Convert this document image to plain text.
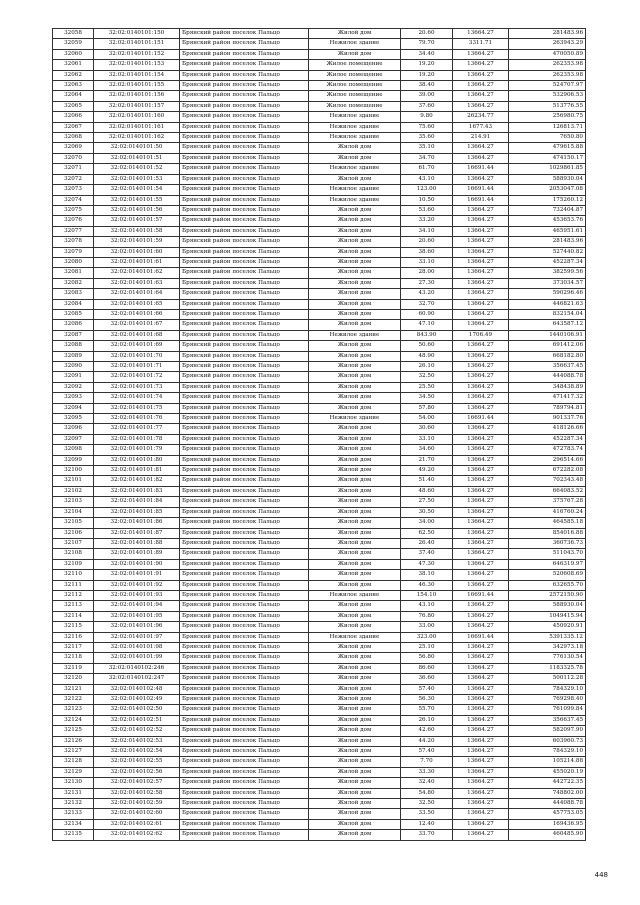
32058	32:02:0140101:150	Брянский район поселок Пальцо	Жилой дом	20.60	13664.27	281483.96
32059	32:02:0140101:151	Брянский район поселок Пальцо	Нежилое здание	79.70	3311.71	263943.29
32060	32:02:0140101:152	Брянский район поселок Пальцо	Жилой дом	34.40	13664.27	470050.89
32061	32:02:0140101:153	Брянский район поселок Пальцо	Жилое помещение	19.20	13664.27	262353.98
32062	32:02:0140101:154	Брянский район поселок Пальцо	Жилое помещение	19.20	13664.27	262353.98
32063	32:02:0140101:155	Брянский район поселок Пальцо	Жилое помещение	38.40	13664.27	524707.97
32064	32:02:0140101:156	Брянский район поселок Пальцо	Жилое помещение	39.00	13664.27	532906.53
32065	32:02:0140101:157	Брянский район поселок Пальцо	Жилое помещение	37.60	13664.27	513776.55
32066	32:02:0140101:160	Брянский район поселок Пальцо	Нежилое здание	9.80	26234.77	256980.75
32067	32:02:0140101:161	Брянский район поселок Пальцо	Нежилое здание	75.60	1677.43	126813.71
32068	32:02:0140101:162	Брянский район поселок Пальцо	Нежилое здание	35.60	214.91	7650.80
32069	32:02:0140101:50	Брянский район поселок Пальцо	Жилой дом	35.10	13664.27	479615.88
32070	32:02:0140101:51	Брянский район поселок Пальцо	Жилой дом	34.70	13664.27	474150.17
32071	32:02:0140101:52	Брянский район поселок Пальцо	Нежилое здание	61.70	16691.44	1029861.85
32072	32:02:0140101:53	Брянский район поселок Пальцо	Жилой дом	43.10	13664.27	588930.04
32073	32:02:0140101:54	Брянский район поселок Пальцо	Нежилое здание	123.00	16691.44	2053047.08
32074	32:02:0140101:55	Брянский район поселок Пальцо	Нежилое здание	10.50	16691.44	175260.12
32075	32:02:0140101:56	Брянский район поселок Пальцо	Жилой дом	53.60	13664.27	732404.87
32076	32:02:0140101:57	Брянский район поселок Пальцо	Жилой дом	33.20	13664.27	453653.76
32077	32:02:0140101:58	Брянский район поселок Пальцо	Жилой дом	34.10	13664.27	465951.61
32078	32:02:0140101:59	Брянский район поселок Пальцо	Жилой дом	20.60	13664.27	281483.96
32079	32:02:0140101:60	Брянский район поселок Пальцо	Жилой дом	38.60	13664.27	527440.82
32080	32:02:0140101:61	Брянский район поселок Пальцо	Жилой дом	33.10	13664.27	452287.34
32081	32:02:0140101:62	Брянский район поселок Пальцо	Жилой дом	28.00	13664.27	382599.56
32082	32:02:0140101:63	Брянский район поселок Пальцо	Жилой дом	27.30	13664.27	373034.57
32083	32:02:0140101:64	Брянский район поселок Пальцо	Жилой дом	43.20	13664.27	590296.46
32084	32:02:0140101:65	Брянский район поселок Пальцо	Жилой дом	32.70	13664.27	446821.63
32085	32:02:0140101:66	Брянский район поселок Пальцо	Жилой дом	60.90	13664.27	832154.04
32086	32:02:0140101:67	Брянский район поселок Пальцо	Жилой дом	47.10	13664.27	643587.12
32087	32:02:0140101:68	Брянский район поселок Пальцо	Нежилое здание	843.90	1706.49	1440106.91
32088	32:02:0140101:69	Брянский район поселок Пальцо	Жилой дом	50.60	13664.27	691412.06
32089	32:02:0140101:70	Брянский район поселок Пальцо	Жилой дом	48.90	13664.27	668182.80
32090	32:02:0140101:71	Брянский район поселок Пальцо	Жилой дом	26.10	13664.27	356637.45
32091	32:02:0140101:72	Брянский район поселок Пальцо	Жилой дом	32.50	13664.27	444088.78
32092	32:02:0140101:73	Брянский район поселок Пальцо	Жилой дом	25.50	13664.27	348438.89
32093	32:02:0140101:74	Брянский район поселок Пальцо	Жилой дом	34.50	13664.27	471417.32
32094	32:02:0140101:75	Брянский район поселок Пальцо	Жилой дом	57.80	13664.27	789794.81
32095	32:02:0140101:76	Брянский район поселок Пальцо	Нежилое здание	54.00	16691.44	901337.76
32096	32:02:0140101:77	Брянский район поселок Пальцо	Жилой дом	30.60	13664.27	418126.66
32097	32:02:0140101:78	Брянский район поселок Пальцо	Жилой дом	33.10	13664.27	452287.34
32098	32:02:0140101:79	Брянский район поселок Пальцо	Жилой дом	34.60	13664.27	472783.74
32099	32:02:0140101:80	Брянский район поселок Пальцо	Жилой дом	21.70	13664.27	296514.66
32100	32:02:0140101:81	Брянский район поселок Пальцо	Жилой дом	49.20	13664.27	672282.08
32101	32:02:0140101:82	Брянский район поселок Пальцо	Жилой дом	51.40	13664.27	702343.48
32102	32:02:0140101:83	Брянский район поселок Пальцо	Жилой дом	48.60	13664.27	664083.52
32103	32:02:0140101:84	Брянский район поселок Пальцо	Жилой дом	27.50	13664.27	375767.28
32104	32:02:0140101:85	Брянский район поселок Пальцо	Жилой дом	30.50	13664.27	416760.24
32105	32:02:0140101:86	Брянский район поселок Пальцо	Жилой дом	34.00	13664.27	464585.18
32106	32:02:0140101:87	Брянский район поселок Пальцо	Жилой дом	62.50	13664.27	854016.88
32107	32:02:0140101:88	Брянский район поселок Пальцо	Жилой дом	26.40	13664.27	360736.73
32108	32:02:0140101:89	Брянский район поселок Пальцо	Жилой дом	37.40	13664.27	511043.70
32109	32:02:0140101:90	Брянский район поселок Пальцо	Жилой дом	47.30	13664.27	646319.97
32110	32:02:0140101:91	Брянский район поселок Пальцо	Жилой дом	38.10	13664.27	520608.69
32111	32:02:0140101:92	Брянский район поселок Пальцо	Жилой дом	46.30	13664.27	632655.70
32112	32:02:0140101:93	Брянский район поселок Пальцо	Нежилое здание	154.10	16691.44	2572150.90
32113	32:02:0140101:94	Брянский район поселок Пальцо	Жилой дом	43.10	13664.27	588930.04
32114	32:02:0140101:95	Брянский район поселок Пальцо	Жилой дом	76.80	13664.27	1049415.94
32115	32:02:0140101:96	Брянский район поселок Пальцо	Жилой дом	33.00	13664.27	450920.91
32116	32:02:0140101:97	Брянский район поселок Пальцо	Нежилое здание	323.00	16691.44	5391335.12
32117	32:02:0140101:98	Брянский район поселок Пальцо	Жилой дом	25.10	13664.27	342973.18
32118	32:02:0140101:99	Брянский район поселок Пальцо	Жилой дом	56.80	13664.27	776130.54
32119	32:02:0140102:246	Брянский район поселок Пальцо	Жилой дом	86.60	13664.27	1183325.78
32120	32:02:0140102:247	Брянский район поселок Пальцо	Жилой дом	36.60	13664.27	500112.28
32121	32:02:0140102:48	Брянский район поселок Пальцо	Жилой дом	57.40	13664.27	784329.10
32122	32:02:0140102:49	Брянский район поселок Пальцо	Жилой дом	56.30	13664.27	769298.40
32123	32:02:0140102:50	Брянский район поселок Пальцо	Жилой дом	55.70	13664.27	761099.84
32124	32:02:0140102:51	Брянский район поселок Пальцо	Жилой дом	26.10	13664.27	356637.45
32125	32:02:0140102:52	Брянский район поселок Пальцо	Жилой дом	42.60	13664.27	582097.90
32126	32:02:0140102:53	Брянский район поселок Пальцо	Жилой дом	44.20	13664.27	603960.73
32127	32:02:0140102:54	Брянский район поселок Пальцо	Жилой дом	57.40	13664.27	784329.10
32128	32:02:0140102:55	Брянский район поселок Пальцо	Жилой дом	7.70	13664.27	105214.88
32129	32:02:0140102:56	Брянский район поселок Пальцо	Жилой дом	33.30	13664.27	455020.19
32130	32:02:0140102:57	Брянский район поселок Пальцо	Жилой дом	32.40	13664.27	442722.35
32131	32:02:0140102:58	Брянский район поселок Пальцо	Жилой дом	54.80	13664.27	748802.00
32132	32:02:0140102:59	Брянский район поселок Пальцо	Жилой дом	32.50	13664.27	444088.78
32133	32:02:0140102:60	Брянский район поселок Пальцо	Жилой дом	33.50	13664.27	457753.05
32134	32:02:0140102:61	Брянский район поселок Пальцо	Жилой дом	12.40	13664.27	169436.95
32135	32:02:0140102:62	Брянский район поселок Пальцо	Жилой дом	33.70	13664.27	460485.90
448
